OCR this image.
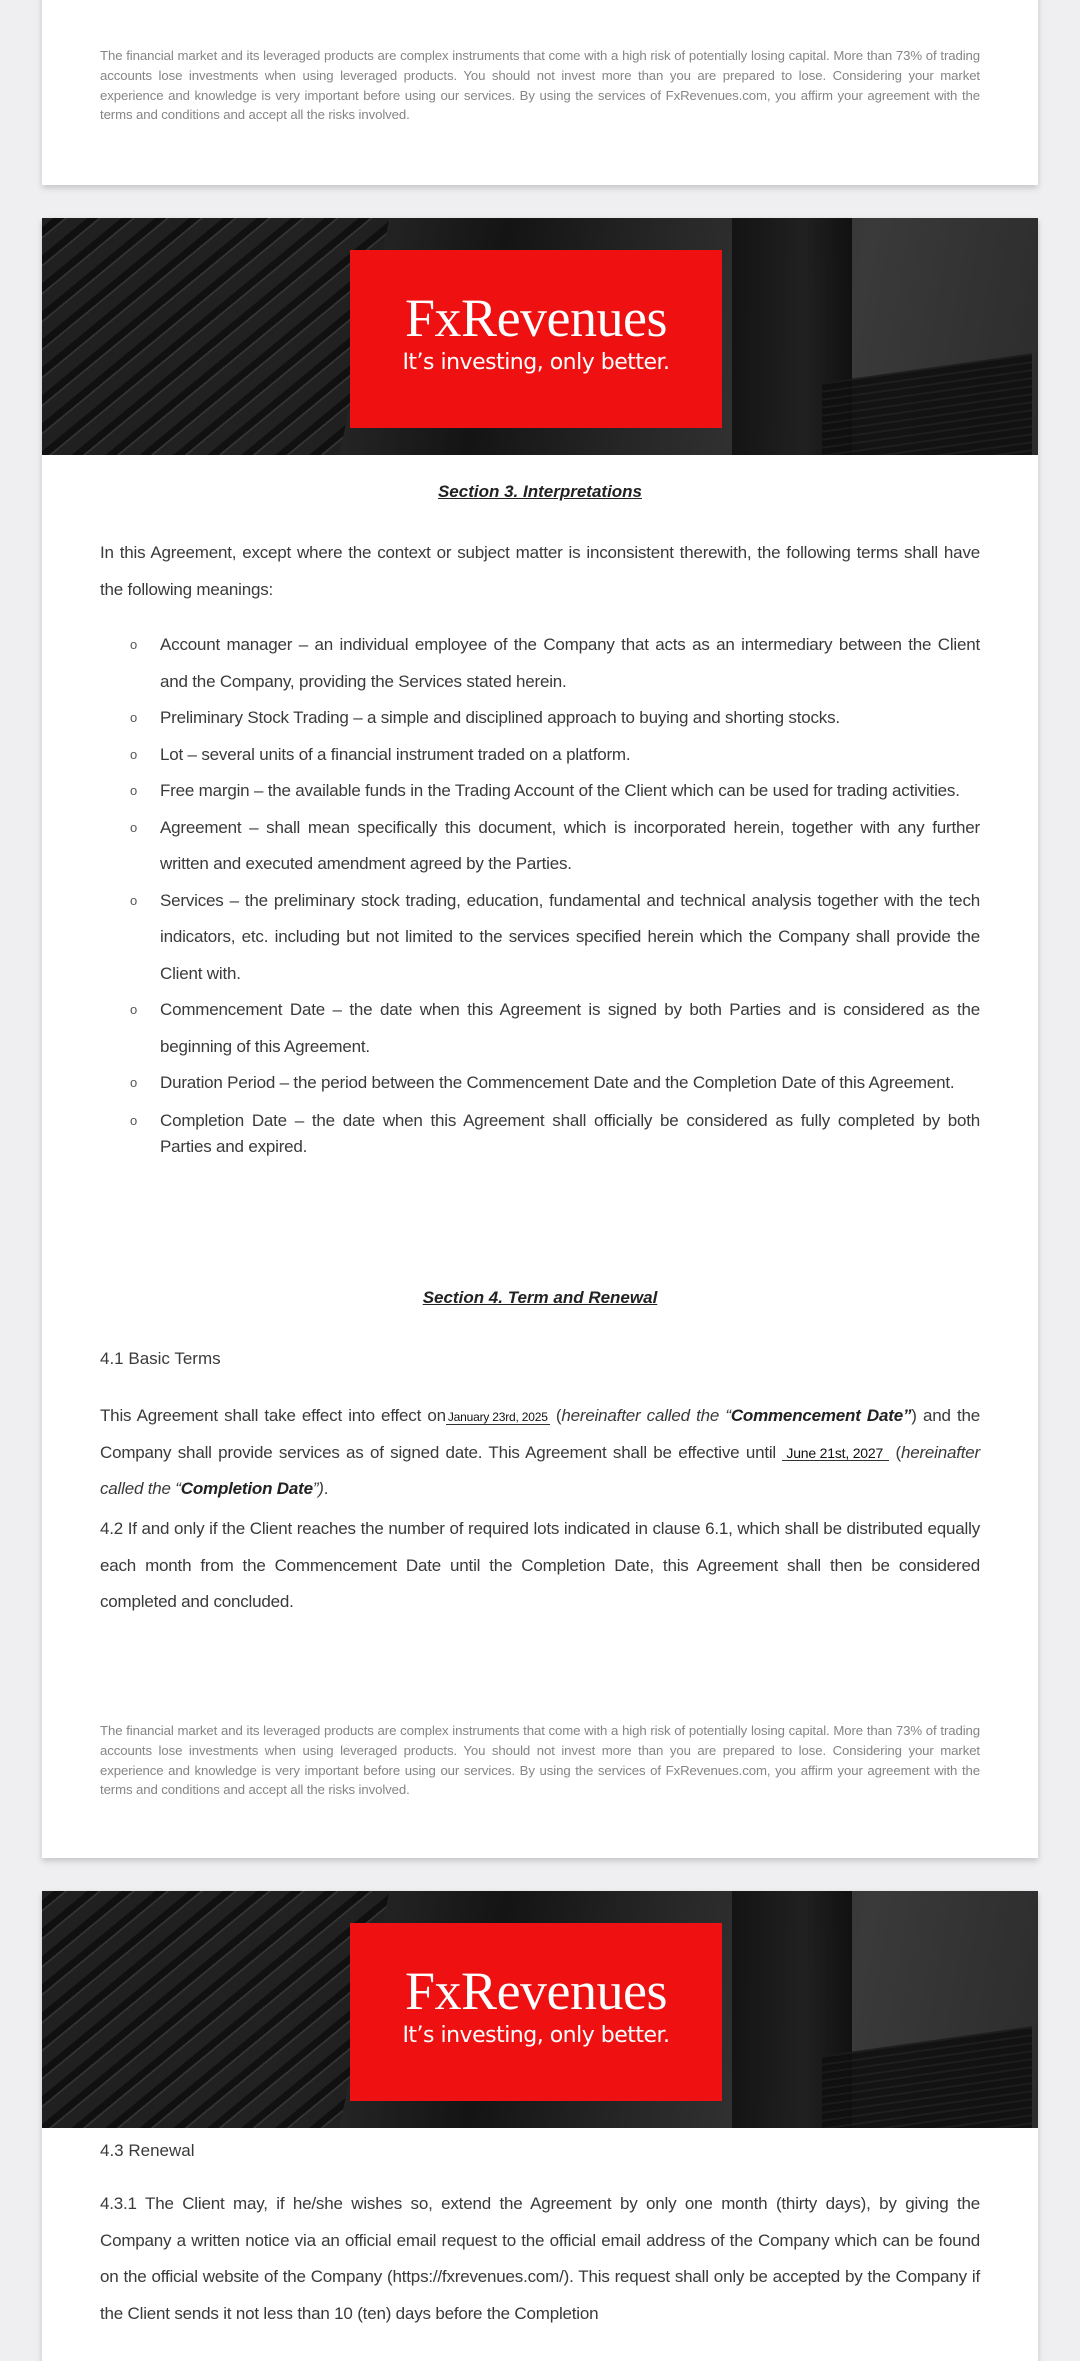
The financial market and its leveraged products are complex instruments that come with a high risk of potentially losing capital. More than 73% of trading accounts lose investments when using leveraged products. You should not invest more than you are prepared to lose. Considering your market experience and knowledge is very important before using our services. By using the services of FxRevenues.com, you affirm your agreement with the terms and conditions and accept all the risks involved.
FxRevenues
It’s investing, only better.
Section 3. Interpretations
In this Agreement, except where the context or subject matter is inconsistent therewith, the following terms shall have the following meanings:
o Account manager – an individual employee of the Company that acts as an intermediary between the Client and the Company, providing the Services stated herein.
o Preliminary Stock Trading – a simple and disciplined approach to buying and shorting stocks.
o Lot – several units of a financial instrument traded on a platform.
o Free margin – the available funds in the Trading Account of the Client which can be used for trading activities.
o Agreement – shall mean specifically this document, which is incorporated herein, together with any further written and executed amendment agreed by the Parties.
o Services – the preliminary stock trading, education, fundamental and technical analysis together with the tech indicators, etc. including but not limited to the services specified herein which the Company shall provide the Client with.
o Commencement Date – the date when this Agreement is signed by both Parties and is considered as the beginning of this Agreement.
o Duration Period – the period between the Commencement Date and the Completion Date of this Agreement.
o Completion Date – the date when this Agreement shall officially be considered as fully completed by both Parties and expired.
Section 4. Term and Renewal
4.1 Basic Terms
This Agreement shall take effect into effect on January 23rd, 2025 (hereinafter called the “Commencement Date”) and the Company shall provide services as of signed date. This Agreement shall be effective until June 21st, 2027 (hereinafter called the “Completion Date”).
4.2 If and only if the Client reaches the number of required lots indicated in clause 6.1, which shall be distributed equally each month from the Commencement Date until the Completion Date, this Agreement shall then be considered completed and concluded.
The financial market and its leveraged products are complex instruments that come with a high risk of potentially losing capital. More than 73% of trading accounts lose investments when using leveraged products. You should not invest more than you are prepared to lose. Considering your market experience and knowledge is very important before using our services. By using the services of FxRevenues.com, you affirm your agreement with the terms and conditions and accept all the risks involved.
FxRevenues
It’s investing, only better.
4.3 Renewal
4.3.1 The Client may, if he/she wishes so, extend the Agreement by only one month (thirty days), by giving the Company a written notice via an official email request to the official email address of the Company which can be found on the official website of the Company (https://fxrevenues.com/). This request shall only be accepted by the Company if the Client sends it not less than 10 (ten) days before the Completion
